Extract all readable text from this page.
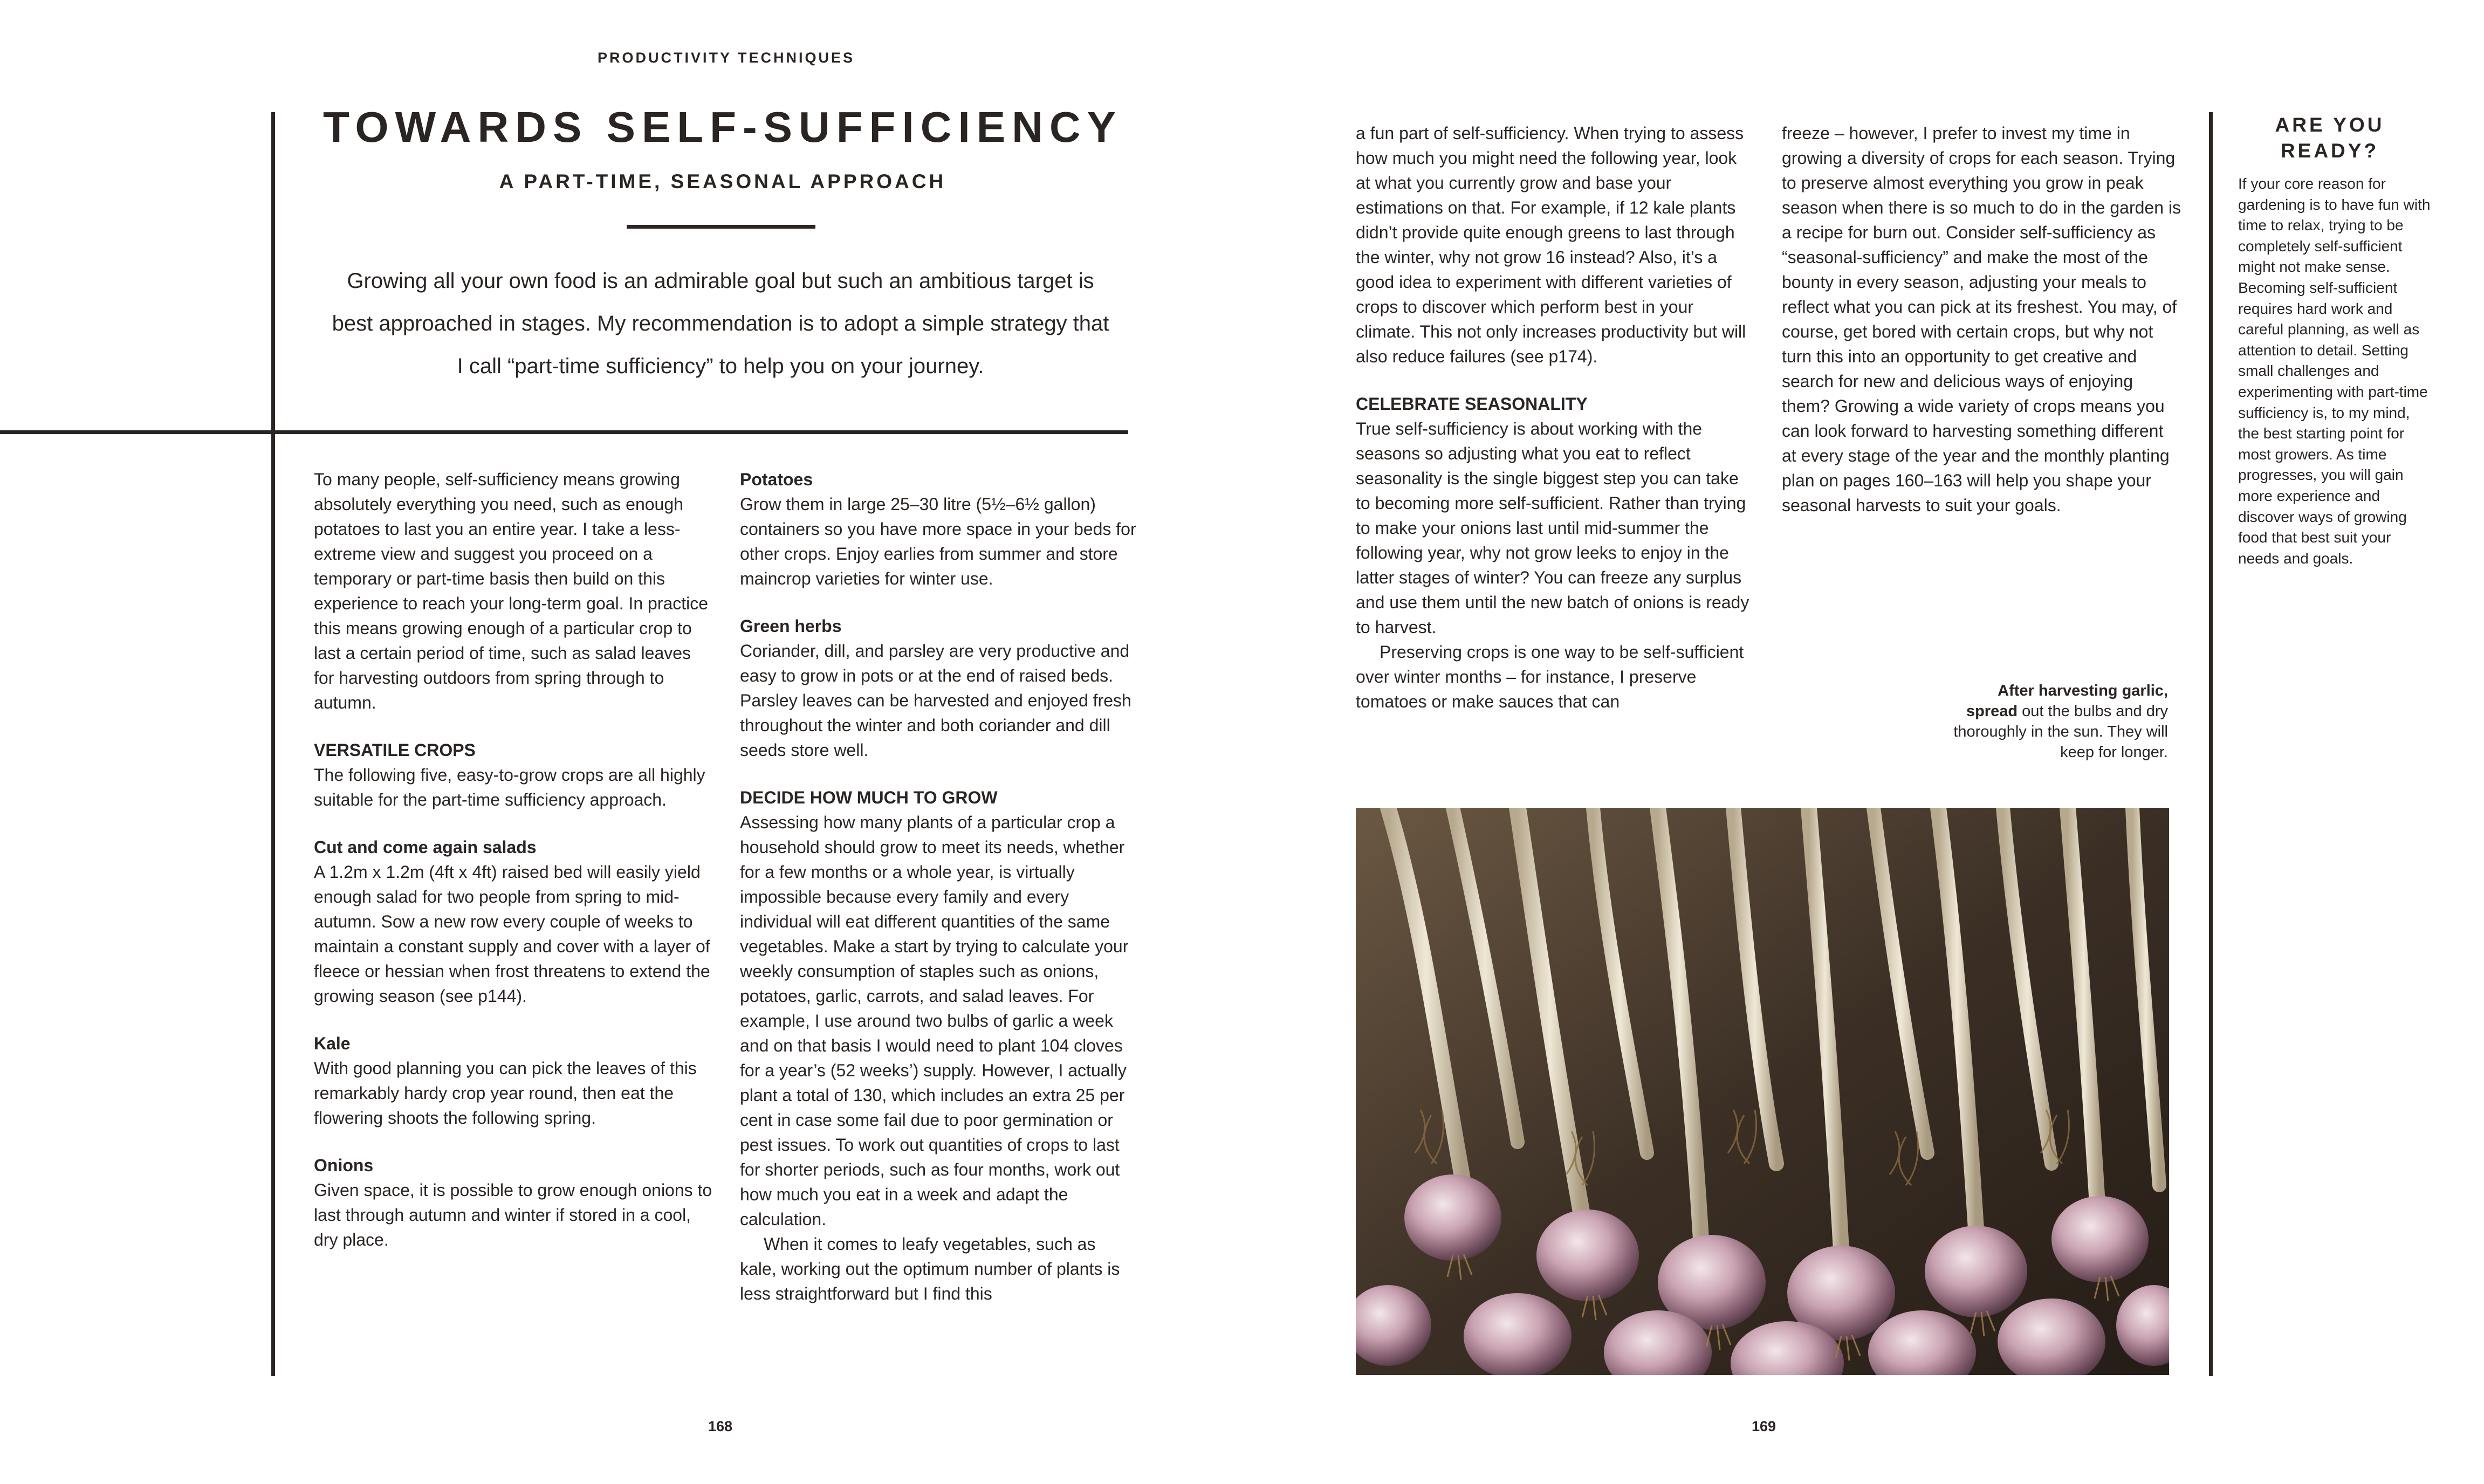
PRODUCTIVITY TECHNIQUES
TOWARDS SELF-SUFFICIENCY
A PART-TIME, SEASONAL APPROACH
Growing all your own food is an admirable goal but such an ambitious target is
best approached in stages. My recommendation is to adopt a simple strategy that
I call “part-time sufficiency” to help you on your journey.

To many people, self-sufficiency means growing absolutely everything you need, such as enough potatoes to last you an entire year. I take a less-extreme view and suggest you proceed on a temporary or part-time basis then build on this experience to reach your long-term goal. In practice this means growing enough of a particular crop to last a certain period of time, such as salad leaves for harvesting outdoors from spring through to autumn.

VERSATILE CROPS

The following five, easy-to-grow crops are all highly suitable for the part-time sufficiency approach.

Cut and come again salads

A 1.2m x 1.2m (4ft x 4ft) raised bed will easily yield enough salad for two people from spring to mid-autumn. Sow a new row every couple of weeks to maintain a constant supply and cover with a layer of fleece or hessian when frost threatens to extend the growing season (see p144).

Kale

With good planning you can pick the leaves of this remarkably hardy crop year round, then eat the flowering shoots the following spring.

Onions

Given space, it is possible to grow enough onions to last through autumn and winter if stored in a cool, dry place.

Potatoes

Grow them in large 25–30 litre (5½–6½ gallon) containers so you have more space in your beds for other crops. Enjoy earlies from summer and store maincrop varieties for winter use.

Green herbs

Coriander, dill, and parsley are very productive and easy to grow in pots or at the end of raised beds. Parsley leaves can be harvested and enjoyed fresh throughout the winter and both coriander and dill seeds store well.

DECIDE HOW MUCH TO GROW

Assessing how many plants of a particular crop a household should grow to meet its needs, whether for a few months or a whole year, is virtually impossible because every family and every individual will eat different quantities of the same vegetables. Make a start by trying to calculate your weekly consumption of staples such as onions, potatoes, garlic, carrots, and salad leaves. For example, I use around two bulbs of garlic a week and on that basis I would need to plant 104 cloves for a year’s (52 weeks’) supply. However, I actually plant a total of 130, which includes an extra 25 per cent in case some fail due to poor germination or pest issues. To work out quantities of crops to last for shorter periods, such as four months, work out how much you eat in a week and adapt the calculation.

When it comes to leafy vegetables, such as kale, working out the optimum number of plants is less straightforward but I find this

168

a fun part of self-sufficiency. When trying to assess how much you might need the following year, look at what you currently grow and base your estimations on that. For example, if 12 kale plants didn’t provide quite enough greens to last through the winter, why not grow 16 instead? Also, it’s a good idea to experiment with different varieties of crops to discover which perform best in your climate. This not only increases productivity but will also reduce failures (see p174).

CELEBRATE SEASONALITY

True self-sufficiency is about working with the seasons so adjusting what you eat to reflect seasonality is the single biggest step you can take to becoming more self-sufficient. Rather than trying to make your onions last until mid-summer the following year, why not grow leeks to enjoy in the latter stages of winter? You can freeze any surplus and use them until the new batch of onions is ready to harvest.

Preserving crops is one way to be self-sufficient over winter months – for instance, I preserve tomatoes or make sauces that can

freeze – however, I prefer to invest my time in growing a diversity of crops for each season. Trying to preserve almost everything you grow in peak season when there is so much to do in the garden is a recipe for burn out. Consider self-sufficiency as “seasonal-sufficiency” and make the most of the bounty in every season, adjusting your meals to reflect what you can pick at its freshest. You may, of course, get bored with certain crops, but why not turn this into an opportunity to get creative and search for new and delicious ways of enjoying them? Growing a wide variety of crops means you can look forward to harvesting something different at every stage of the year and the monthly planting plan on pages 160–163 will help you shape your seasonal harvests to suit your goals.

After harvesting garlic,
spread out the bulbs and dry thoroughly in the sun. They will keep for longer.
ARE YOU
READY?
If your core reason for gardening is to have fun with time to relax, trying to be completely self-sufficient might not make sense. Becoming self-sufficient requires hard work and careful planning, as well as attention to detail. Setting small challenges and experimenting with part-time sufficiency is, to my mind, the best starting point for most growers. As time progresses, you will gain more experience and discover ways of growing food that best suit your needs and goals.
169
